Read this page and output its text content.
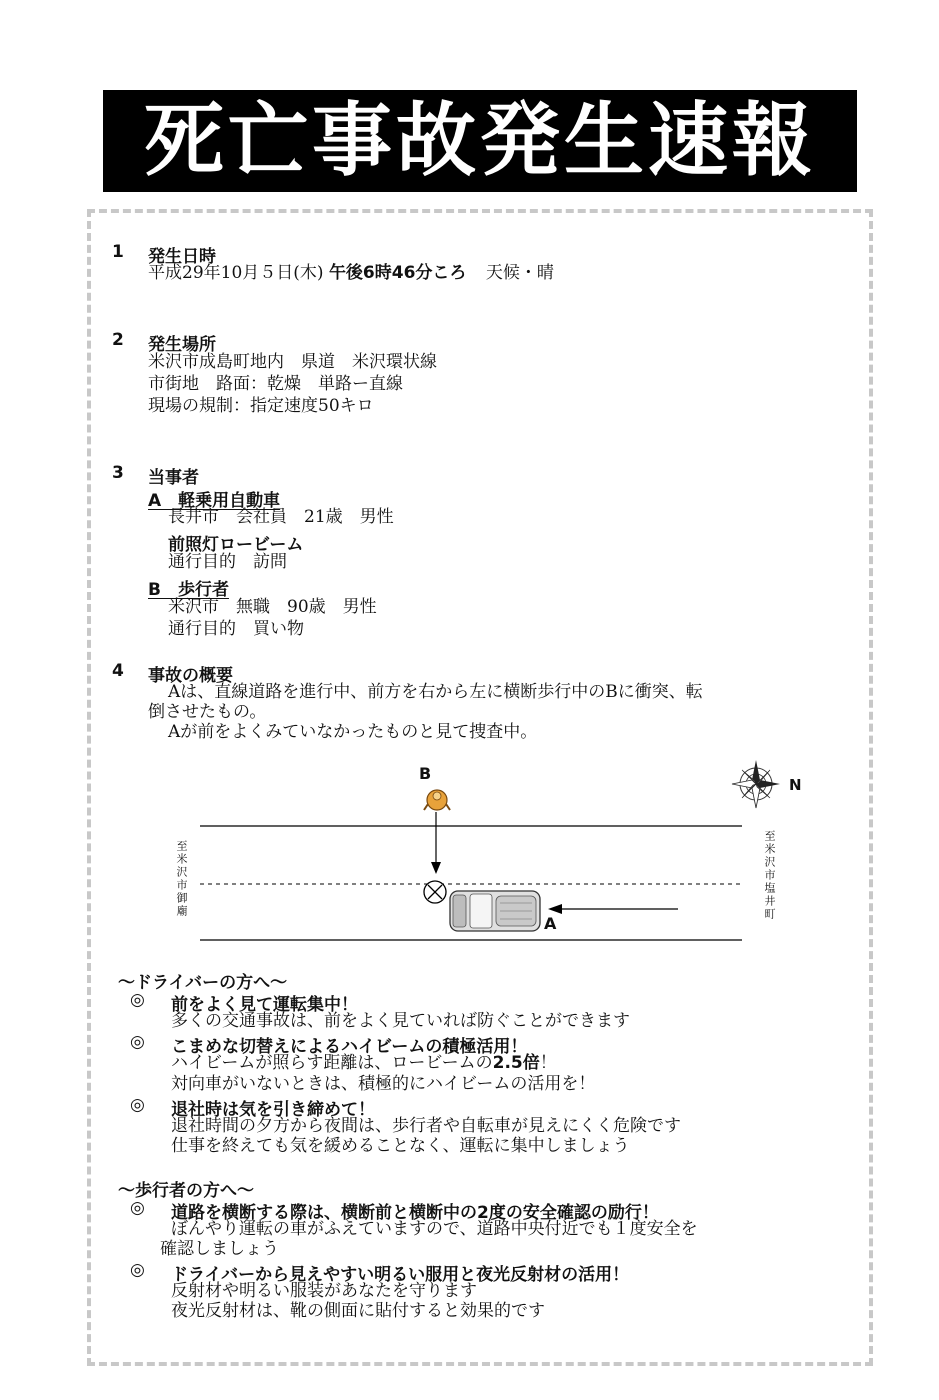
死亡事故発生速報
1 発生日時
平成29年10月５日(木) 午後6時46分ころ 天候・晴
2 発生場所
米沢市成島町地内　県道　米沢環状線
市街地　路面：乾燥　単路ー直線
現場の規制：指定速度50キロ
3 当事者
A　軽乗用自動車
長井市　会社員　21歳　男性
前照灯ロービーム
通行目的　訪問
B　歩行者
米沢市　無職　90歳　男性
通行目的　買い物
4 事故の概要
Aは、直線道路を進行中、前方を右から左に横断歩行中のBに衝突、転
倒させたもの。
Aが前をよくみていなかったものと見て捜査中。
B
A
N
至米沢市御廟	至米沢市塩井町
〜ドライバーの方へ〜
◎ 前をよく見て運転集中！
多くの交通事故は、前をよく見ていれば防ぐことができます
◎ こまめな切替えによるハイビームの積極活用！
ハイビームが照らす距離は、ロービームの2.5倍！
対向車がいないときは、積極的にハイビームの活用を！
◎ 退社時は気を引き締めて！
退社時間の夕方から夜間は、歩行者や自転車が見えにくく危険です
仕事を終えても気を緩めることなく、運転に集中しましょう
〜歩行者の方へ〜
◎ 道路を横断する際は、横断前と横断中の2度の安全確認の励行！
ぼんやり運転の車がふえていますので、道路中央付近でも１度安全を
確認しましょう
◎ ドライバーから見えやすい明るい服用と夜光反射材の活用！
反射材や明るい服装があなたを守ります
夜光反射材は、靴の側面に貼付すると効果的です
